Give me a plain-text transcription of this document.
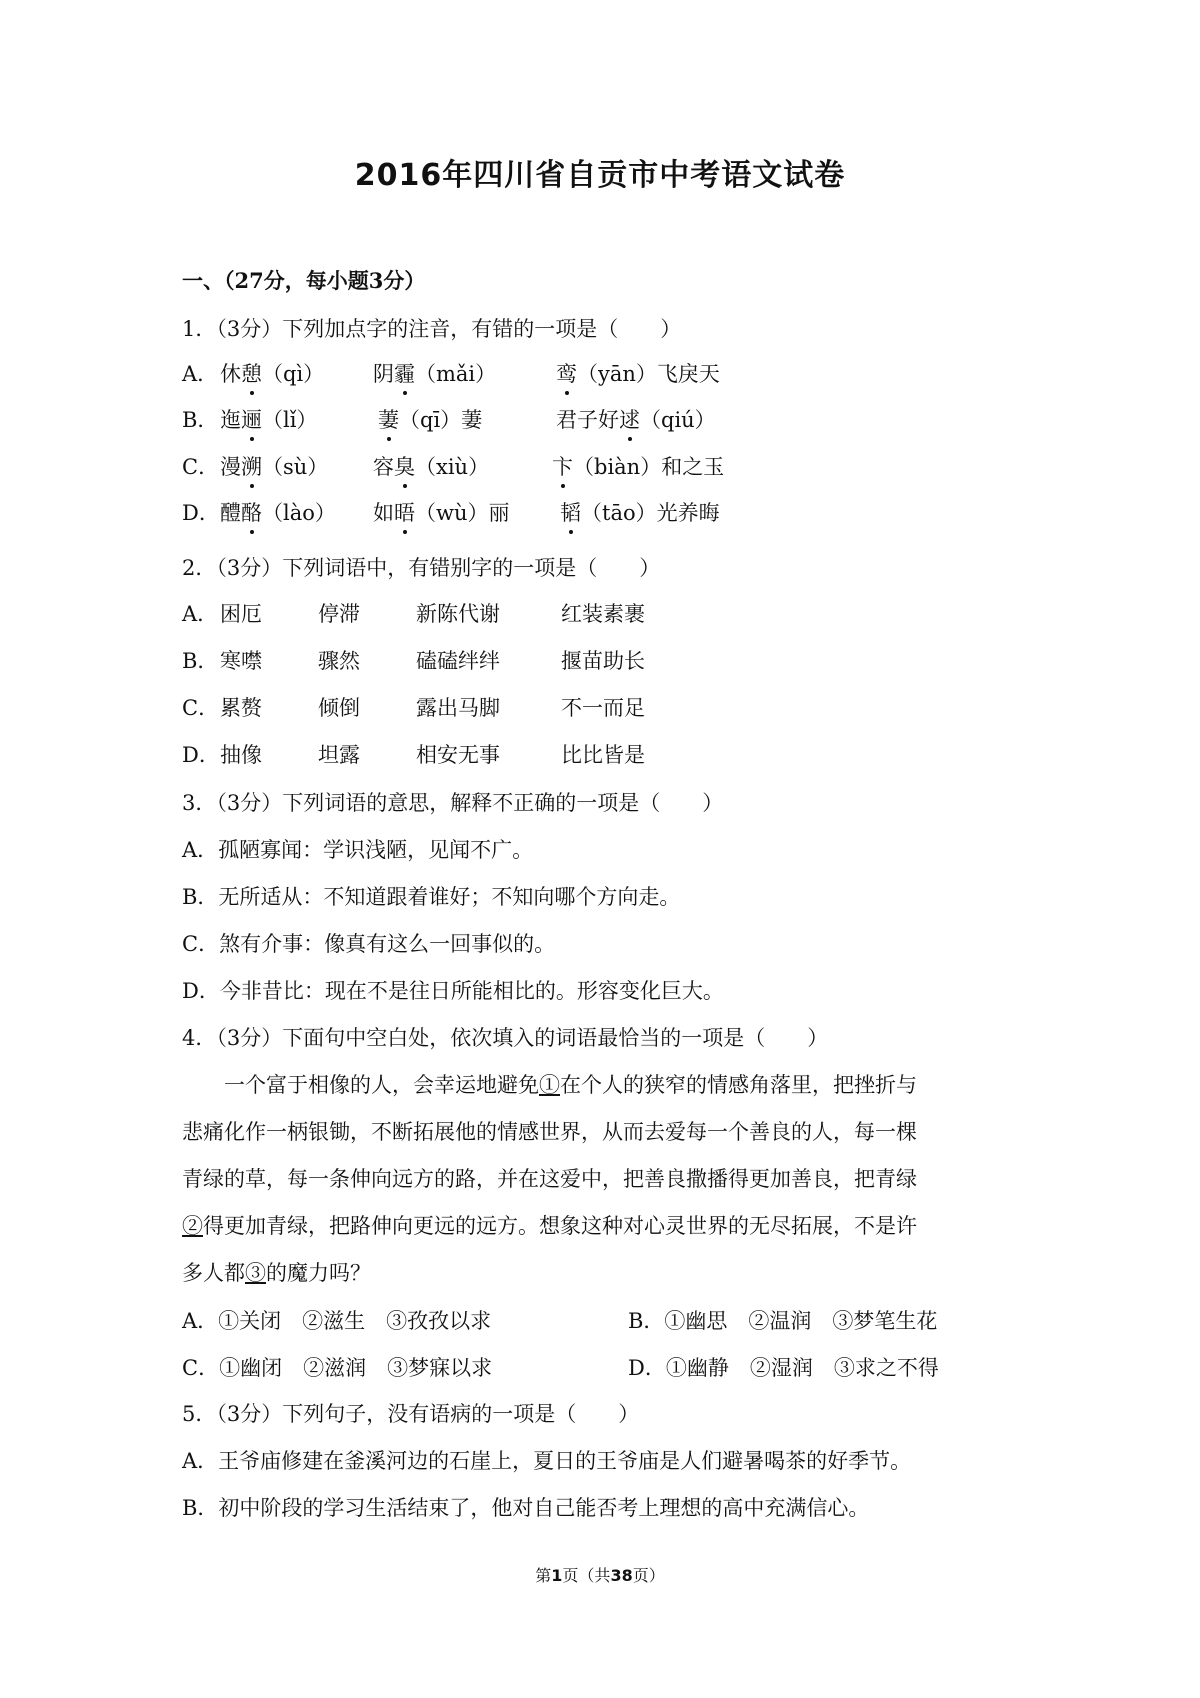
2016年四川省自贡市中考语文试卷
一、（27分，每小题3分）
1．（3分）下列加点字的注音，有错的一项是（　　）
A． 休憩（qì） 阴霾（mǎi）	鸾（yān）飞戾天
B． 迤逦（lǐ）	萋（qī）萋	君子好逑（qiú）
C． 漫溯（sù） 容臭（xiù）	卞（biàn）和之玉
D． 醴酪（lào） 如晤（wù）丽 韬（tāo）光养晦
2．（3分）下列词语中，有错别字的一项是（　　）
A． 困厄	停滞	新陈代谢	红装素裹
B． 寒噤	骤然	磕磕绊绊	揠苗助长
C． 累赘	倾倒	露出马脚	不一而足
D． 抽像	坦露	相安无事	比比皆是
3．（3分）下列词语的意思，解释不正确的一项是（　　）
A．孤陋寡闻：学识浅陋，见闻不广。
B．无所适从：不知道跟着谁好；不知向哪个方向走。
C．煞有介事：像真有这么一回事似的。
D．今非昔比：现在不是往日所能相比的。形容变化巨大。
4．（3分）下面句中空白处，依次填入的词语最恰当的一项是（　　）
　　一个富于相像的人，会幸运地避免①在个人的狭窄的情感角落里，把挫折与
悲痛化作一柄银锄，不断拓展他的情感世界，从而去爱每一个善良的人，每一棵
青绿的草，每一条伸向远方的路，并在这爱中，把善良撒播得更加善良，把青绿
②得更加青绿，把路伸向更远的远方。想象这种对心灵世界的无尽拓展，不是许
多人都③的魔力吗？
A．①关闭　②滋生　③孜孜以求	B．①幽思　②温润　③梦笔生花
C．①幽闭　②滋润　③梦寐以求	D．①幽静　②湿润　③求之不得
5．（3分）下列句子，没有语病的一项是（　　）
A．王爷庙修建在釜溪河边的石崖上，夏日的王爷庙是人们避暑喝茶的好季节。
B．初中阶段的学习生活结束了，他对自己能否考上理想的高中充满信心。
第1页（共38页）
